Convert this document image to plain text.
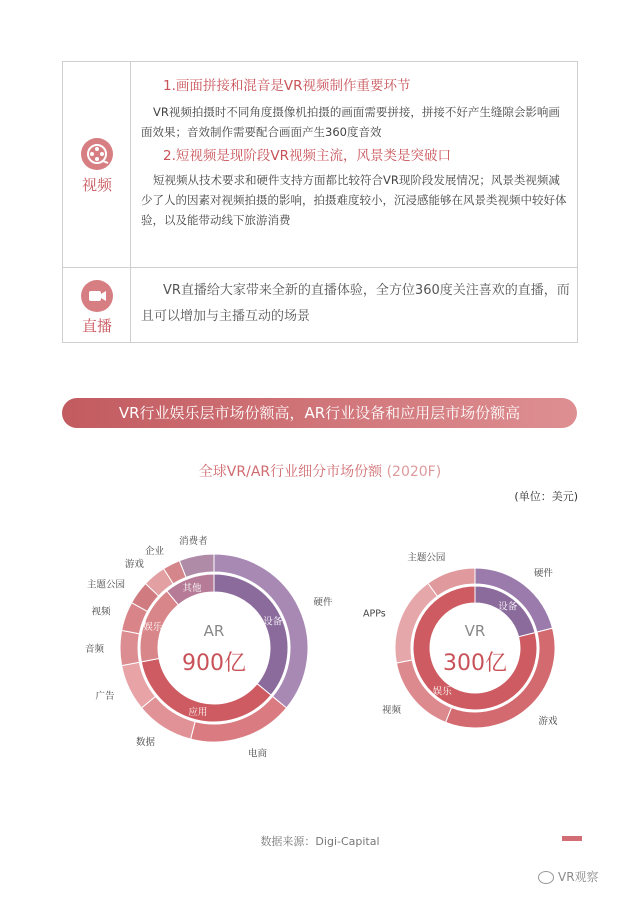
视频
1.画面拼接和混音是VR视频制作重要环节
VR视频拍摄时不同角度摄像机拍摄的画面需要拼接，拼接不好产生缝隙会影响画面效果；音效制作需要配合画面产生360度音效
2.短视频是现阶段VR视频主流，风景类是突破口
短视频从技术要求和硬件支持方面都比较符合VR现阶段发展情况；风景类视频减少了人的因素对视频拍摄的影响，拍摄难度较小，沉浸感能够在风景类视频中较好体验，以及能带动线下旅游消费
直播
VR直播给大家带来全新的直播体验，全方位360度关注喜欢的直播，而且可以增加与主播互动的场景
VR行业娱乐层市场份额高，AR行业设备和应用层市场份额高
全球VR/AR行业细分市场份额 (2020F)
(单位：美元)
硬件
电商
数据
广告
音频
视频
主题公园
游戏
企业
消费者
设备
应用
娱乐
其他
AR
900亿
硬件
游戏
视频
APPs
主题公园
设备
娱乐
VR
300亿
数据来源：Digi-Capital
VR观察
